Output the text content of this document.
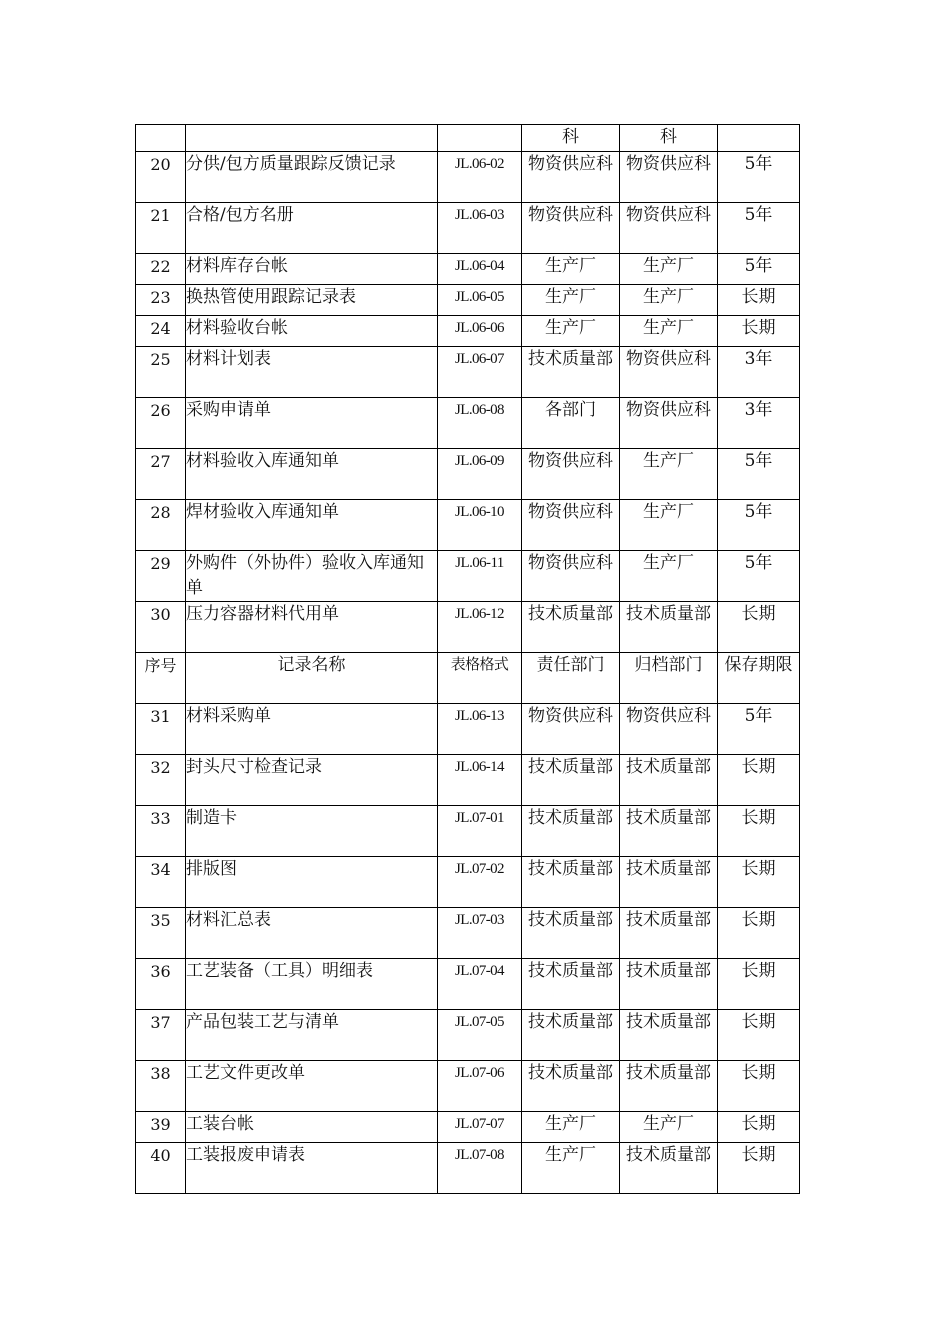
			科	科	
20	分供/包方质量跟踪反馈记录	JL.06-02	物资供应科	物资供应科	5年
21	合格/包方名册	JL.06-03	物资供应科	物资供应科	5年
22	材料库存台帐	JL.06-04	生产厂	生产厂	5年
23	换热管使用跟踪记录表	JL.06-05	生产厂	生产厂	长期
24	材料验收台帐	JL.06-06	生产厂	生产厂	长期
25	材料计划表	JL.06-07	技术质量部	物资供应科	3年
26	采购申请单	JL.06-08	各部门	物资供应科	3年
27	材料验收入库通知单	JL.06-09	物资供应科	生产厂	5年
28	焊材验收入库通知单	JL.06-10	物资供应科	生产厂	5年
29	外购件（外协件）验收入库通知单	JL.06-11	物资供应科	生产厂	5年
30	压力容器材料代用单	JL.06-12	技术质量部	技术质量部	长期
序号	记录名称	表格格式	责任部门	归档部门	保存期限
31	材料采购单	JL.06-13	物资供应科	物资供应科	5年
32	封头尺寸检查记录	JL.06-14	技术质量部	技术质量部	长期
33	制造卡	JL.07-01	技术质量部	技术质量部	长期
34	排版图	JL.07-02	技术质量部	技术质量部	长期
35	材料汇总表	JL.07-03	技术质量部	技术质量部	长期
36	工艺装备（工具）明细表	JL.07-04	技术质量部	技术质量部	长期
37	产品包装工艺与清单	JL.07-05	技术质量部	技术质量部	长期
38	工艺文件更改单	JL.07-06	技术质量部	技术质量部	长期
39	工装台帐	JL.07-07	生产厂	生产厂	长期
40	工装报废申请表	JL.07-08	生产厂	技术质量部	长期
